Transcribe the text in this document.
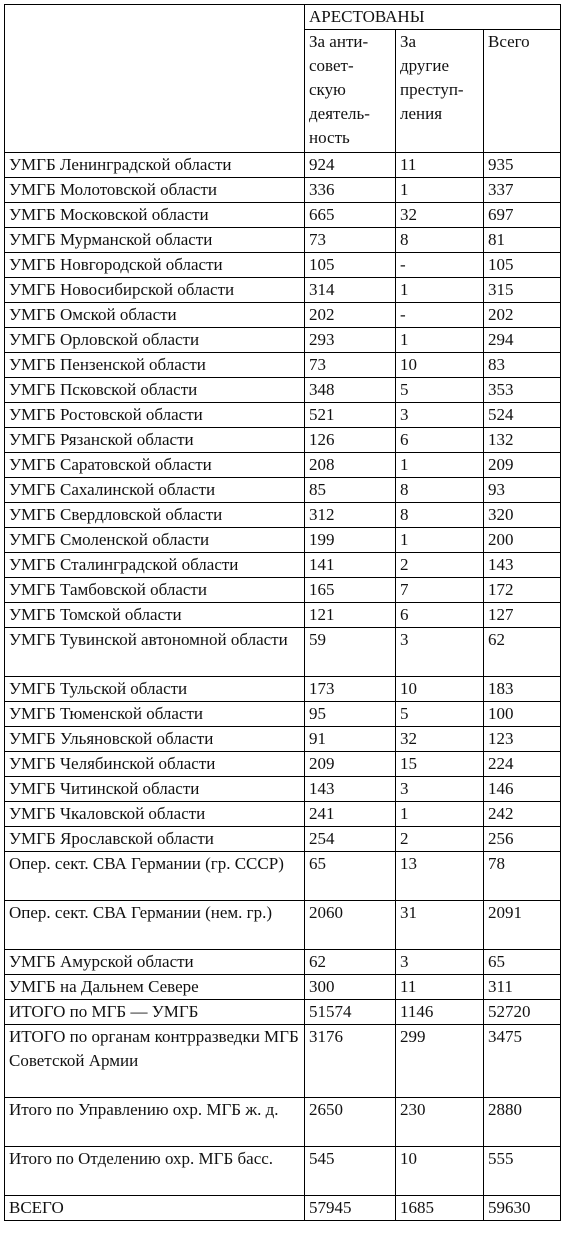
	АРЕСТОВАНЫ		
	За анти-
совет-
скую
деятель-
ность	За
другие
преступ-
ления	Всего
УМГБ Ленинградской области	924	11	935
УМГБ Молотовской области	336	1	337
УМГБ Московской области	665	32	697
УМГБ Мурманской области	73	8	81
УМГБ Новгородской области	105	-	105
УМГБ Новосибирской области	314	1	315
УМГБ Омской области	202	-	202
УМГБ Орловской области	293	1	294
УМГБ Пензенской области	73	10	83
УМГБ Псковской области	348	5	353
УМГБ Ростовской области	521	3	524
УМГБ Рязанской области	126	6	132
УМГБ Саратовской области	208	1	209
УМГБ Сахалинской области	85	8	93
УМГБ Свердловской области	312	8	320
УМГБ Смоленской области	199	1	200
УМГБ Сталинградской области	141	2	143
УМГБ Тамбовской области	165	7	172
УМГБ Томской области	121	6	127
УМГБ Тувинской автономной области	59	3	62
УМГБ Тульской области	173	10	183
УМГБ Тюменской области	95	5	100
УМГБ Ульяновской области	91	32	123
УМГБ Челябинской области	209	15	224
УМГБ Читинской области	143	3	146
УМГБ Чкаловской области	241	1	242
УМГБ Ярославской области	254	2	256
Опер. сект. СВА Германии (гр. СССР)	65	13	78
Опер. сект. СВА Германии (нем. гр.)	2060	31	2091
УМГБ Амурской области	62	3	65
УМГБ на Дальнем Севере	300	11	311
ИТОГО по МГБ — УМГБ	51574	1146	52720
ИТОГО по органам контрразведки МГБ Советской Армии	3176	299	3475
Итого по Управлению охр. МГБ ж. д.	2650	230	2880
Итого по Отделению охр. МГБ басс.	545	10	555
ВСЕГО	57945	1685	59630
